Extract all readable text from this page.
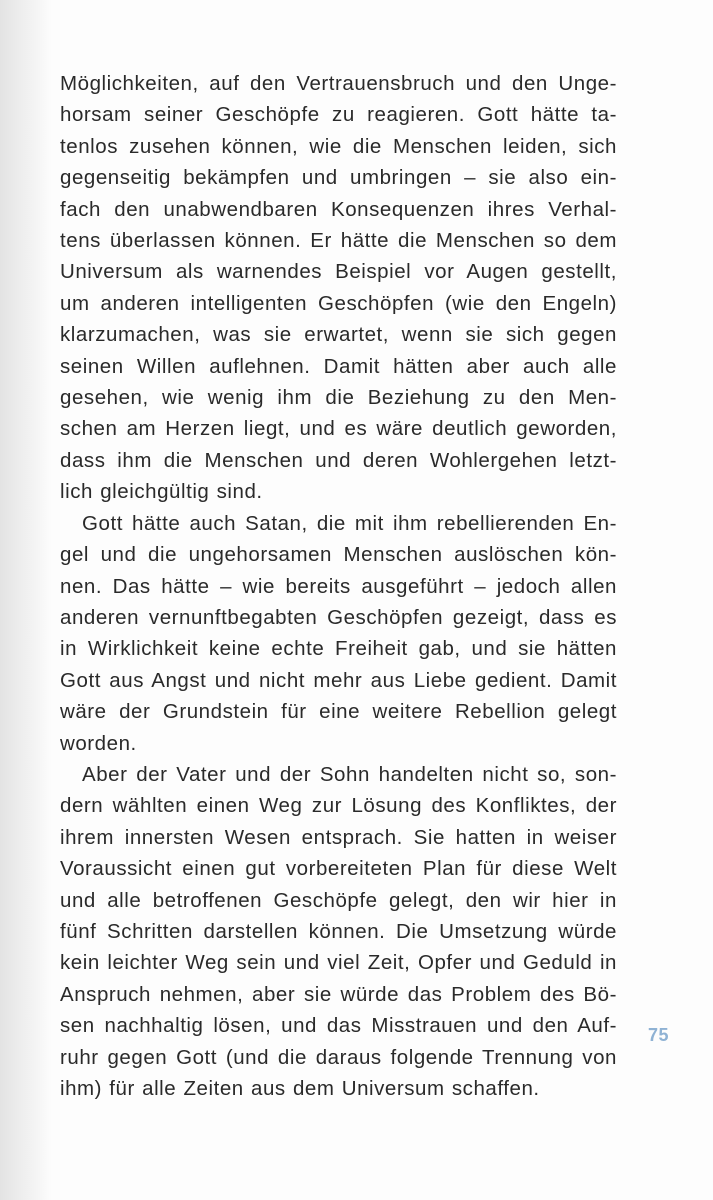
Möglichkeiten, auf den Vertrauensbruch und den Unge-
horsam seiner Geschöpfe zu reagieren. Gott hätte ta-
tenlos zusehen können, wie die Menschen leiden, sich
gegenseitig bekämpfen und umbringen – sie also ein-
fach den unabwendbaren Konsequenzen ihres Verhal-
tens überlassen können. Er hätte die Menschen so dem
Universum als warnendes Beispiel vor Augen gestellt,
um anderen intelligenten Geschöpfen (wie den Engeln)
klarzumachen, was sie erwartet, wenn sie sich gegen
seinen Willen auflehnen. Damit hätten aber auch alle
gesehen, wie wenig ihm die Beziehung zu den Men-
schen am Herzen liegt, und es wäre deutlich geworden,
dass ihm die Menschen und deren Wohlergehen letzt-
lich gleichgültig sind.
Gott hätte auch Satan, die mit ihm rebellierenden En-
gel und die ungehorsamen Menschen auslöschen kön-
nen. Das hätte – wie bereits ausgeführt – jedoch allen
anderen vernunftbegabten Geschöpfen gezeigt, dass es
in Wirklichkeit keine echte Freiheit gab, und sie hätten
Gott aus Angst und nicht mehr aus Liebe gedient. Damit
wäre der Grundstein für eine weitere Rebellion gelegt
worden.
Aber der Vater und der Sohn handelten nicht so, son-
dern wählten einen Weg zur Lösung des Konfliktes, der
ihrem innersten Wesen entsprach. Sie hatten in weiser
Voraussicht einen gut vorbereiteten Plan für diese Welt
und alle betroffenen Geschöpfe gelegt, den wir hier in
fünf Schritten darstellen können. Die Umsetzung würde
kein leichter Weg sein und viel Zeit, Opfer und Geduld in
Anspruch nehmen, aber sie würde das Problem des Bö-
sen nachhaltig lösen, und das Misstrauen und den Auf-
ruhr gegen Gott (und die daraus folgende Trennung von
ihm) für alle Zeiten aus dem Universum schaffen.
75
